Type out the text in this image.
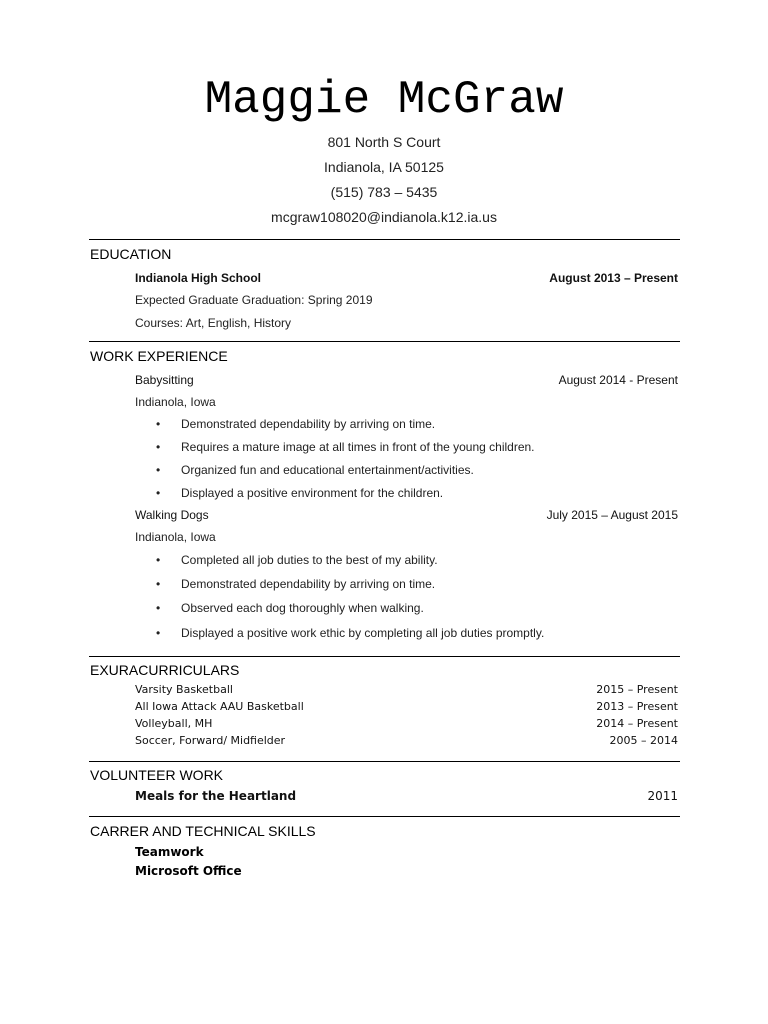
Maggie McGraw
801 North S Court
Indianola, IA 50125
(515) 783 – 5435
mcgraw108020@indianola.k12.ia.us
EDUCATION
Indianola High School	August 2013 – Present
Expected Graduate Graduation: Spring 2019
Courses: Art, English, History
WORK EXPERIENCE
Babysitting	August 2014 - Present
Indianola, Iowa
•	Demonstrated dependability by arriving on time.
•	Requires a mature image at all times in front of the young children.
•	Organized fun and educational entertainment/activities.
•	Displayed a positive environment for the children.
Walking Dogs	July 2015 – August 2015
Indianola, Iowa
•	Completed all job duties to the best of my ability.
•	Demonstrated dependability by arriving on time.
•	Observed each dog thoroughly when walking.
•	Displayed a positive work ethic by completing all job duties promptly.
EXURACURRICULARS
Varsity Basketball	2015 – Present
All Iowa Attack AAU Basketball	2013 – Present
Volleyball, MH	2014 – Present
Soccer, Forward/ Midfielder	2005 – 2014
VOLUNTEER WORK
Meals for the Heartland	2011
CARRER AND TECHNICAL SKILLS
Teamwork
Microsoft Office
